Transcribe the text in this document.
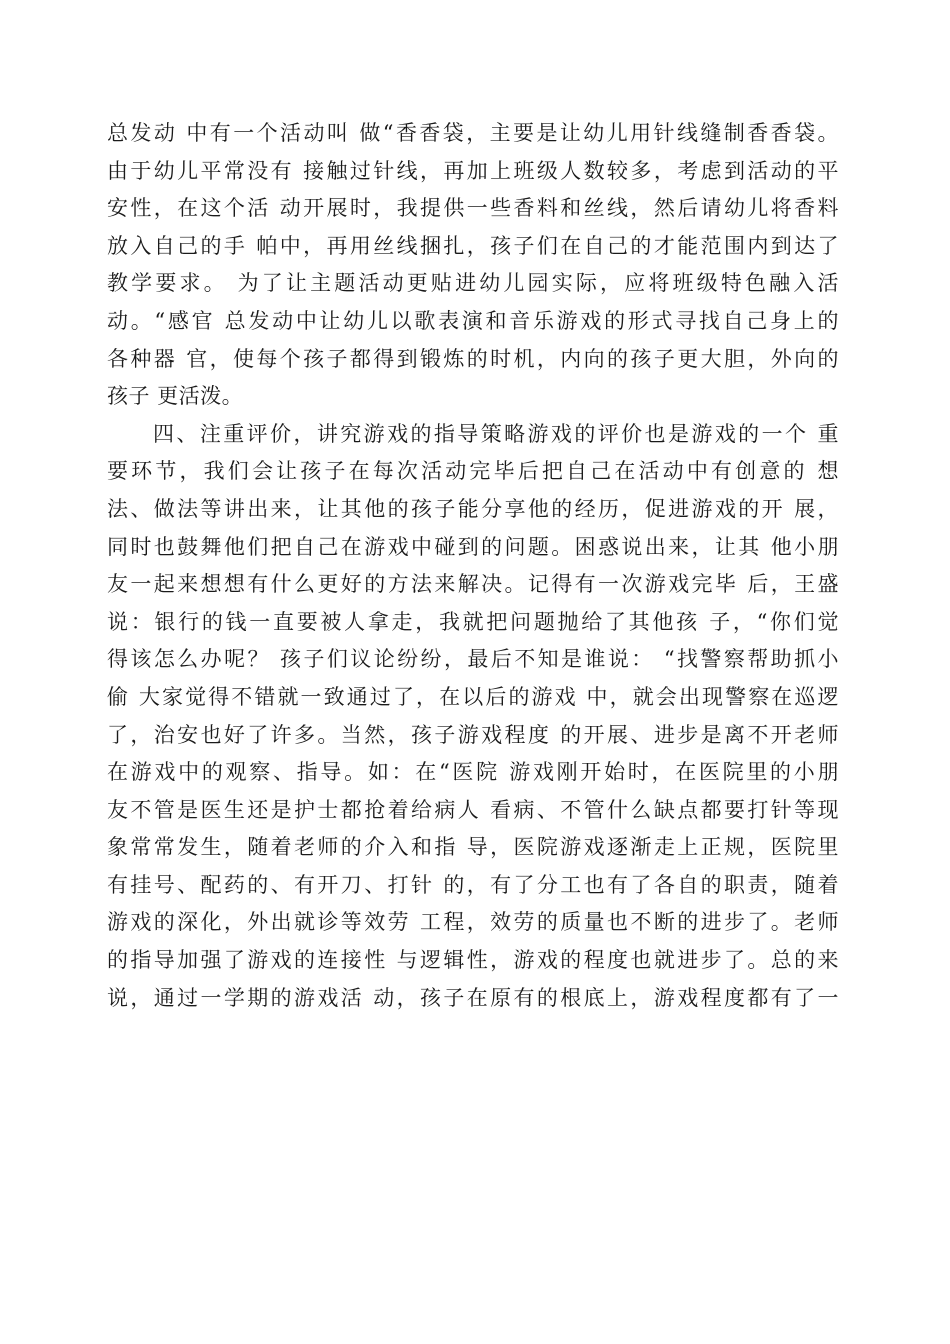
总发动 中有一个活动叫 做“香香袋，主要是让幼儿用针线缝制香香袋。
由于幼儿平常没有 接触过针线，再加上班级人数较多，考虑到活动的平
安性，在这个活 动开展时，我提供一些香料和丝线，然后请幼儿将香料
放入自己的手 帕中，再用丝线捆扎，孩子们在自己的才能范围内到达了
教学要求。 为了让主题活动更贴进幼儿园实际，应将班级特色融入活
动。“感官 总发动中让幼儿以歌表演和音乐游戏的形式寻找自己身上的
各种器 官，使每个孩子都得到锻炼的时机，内向的孩子更大胆，外向的
孩子 更活泼。
四、注重评价，讲究游戏的指导策略游戏的评价也是游戏的一个 重
要环节，我们会让孩子在每次活动完毕后把自己在活动中有创意的 想
法、做法等讲出来，让其他的孩子能分享他的经历，促进游戏的开 展，
同时也鼓舞他们把自己在游戏中碰到的问题。困惑说出来，让其 他小朋
友一起来想想有什么更好的方法来解决。记得有一次游戏完毕 后，王盛
说：银行的钱一直要被人拿走，我就把问题抛给了其他孩 子，“你们觉
得该怎么办呢？ 孩子们议论纷纷，最后不知是谁说： “找警察帮助抓小
偷 大家觉得不错就一致通过了，在以后的游戏 中，就会出现警察在巡逻
了，治安也好了许多。当然，孩子游戏程度 的开展、进步是离不开老师
在游戏中的观察、指导。如：在“医院 游戏刚开始时，在医院里的小朋
友不管是医生还是护士都抢着给病人 看病、不管什么缺点都要打针等现
象常常发生，随着老师的介入和指 导，医院游戏逐渐走上正规，医院里
有挂号、配药的、有开刀、打针 的，有了分工也有了各自的职责，随着
游戏的深化，外出就诊等效劳 工程，效劳的质量也不断的进步了。老师
的指导加强了游戏的连接性 与逻辑性，游戏的程度也就进步了。总的来
说，通过一学期的游戏活 动，孩子在原有的根底上，游戏程度都有了一
